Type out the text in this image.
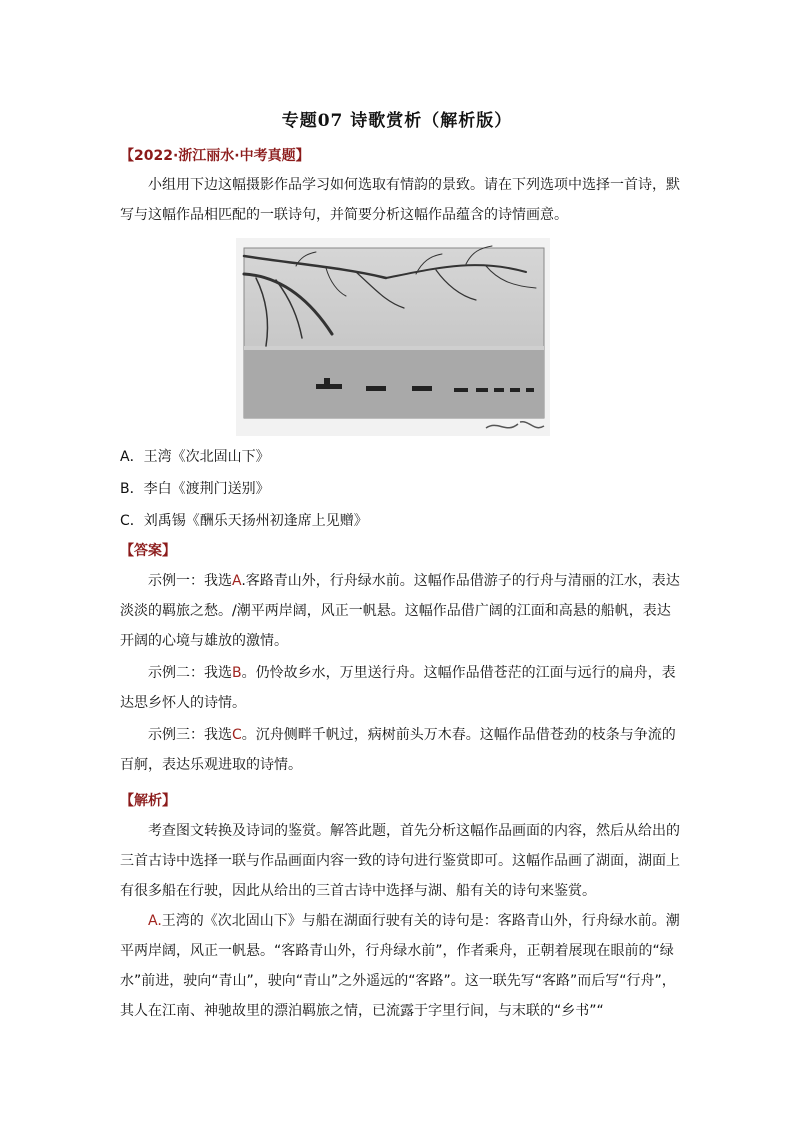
专题07 诗歌赏析（解析版）
【2022·浙江丽水·中考真题】

小组用下边这幅摄影作品学习如何选取有情韵的景致。请在下列选项中选择一首诗，默写与这幅作品相匹配的一联诗句，并简要分析这幅作品蕴含的诗情画意。

A．王湾《次北固山下》
B．李白《渡荆门送别》
C．刘禹锡《酬乐天扬州初逢席上见赠》
【答案】

示例一：我选A.客路青山外，行舟绿水前。这幅作品借游子的行舟与清丽的江水，表达淡淡的羁旅之愁。/潮平两岸阔，风正一帆悬。这幅作品借广阔的江面和高悬的船帆，表达开阔的心境与雄放的激情。

示例二：我选B。仍怜故乡水，万里送行舟。这幅作品借苍茫的江面与远行的扁舟，表达思乡怀人的诗情。

示例三：我选C。沉舟侧畔千帆过，病树前头万木春。这幅作品借苍劲的枝条与争流的百舸，表达乐观进取的诗情。

【解析】

考查图文转换及诗词的鉴赏。解答此题，首先分析这幅作品画面的内容，然后从给出的三首古诗中选择一联与作品画面内容一致的诗句进行鉴赏即可。这幅作品画了湖面，湖面上有很多船在行驶，因此从给出的三首古诗中选择与湖、船有关的诗句来鉴赏。

A.王湾的《次北固山下》与船在湖面行驶有关的诗句是：客路青山外，行舟绿水前。潮平两岸阔，风正一帆悬。“客路青山外，行舟绿水前”，作者乘舟，正朝着展现在眼前的“绿水”前进，驶向“青山”，驶向“青山”之外遥远的“客路”。这一联先写“客路”而后写“行舟”，其人在江南、神驰故里的漂泊羁旅之情，已流露于字里行间，与末联的“乡书”“
